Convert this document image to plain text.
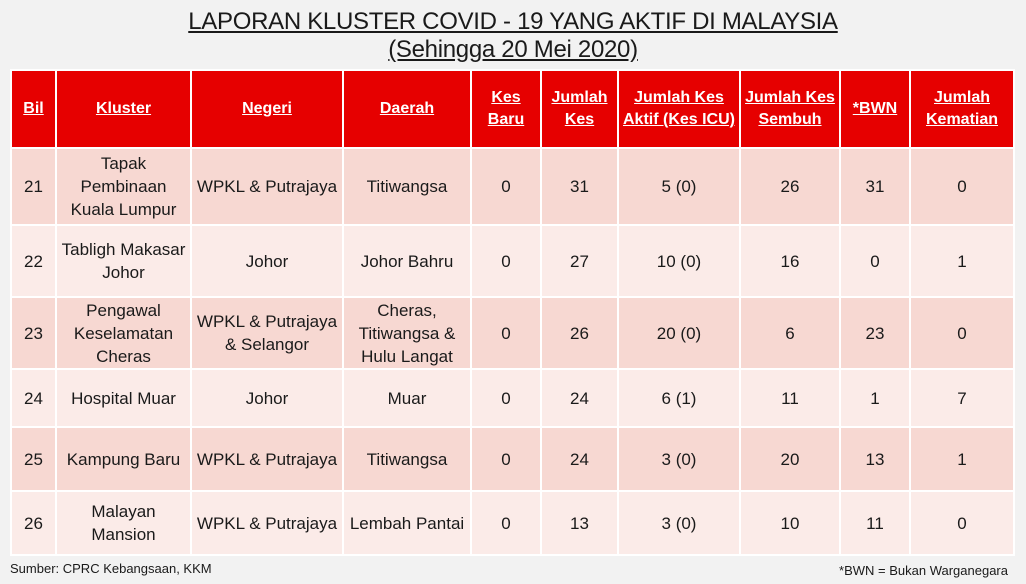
LAPORAN KLUSTER COVID - 19 YANG AKTIF DI MALAYSIA
(Sehingga 20 Mei 2020)
Bil	Kluster	Negeri	Daerah	Kes Baru	Jumlah Kes	Jumlah Kes Aktif (Kes ICU)	Jumlah Kes Sembuh	*BWN	Jumlah Kematian
21	Tapak Pembinaan Kuala Lumpur	WPKL & Putrajaya	Titiwangsa	0	31	5 (0)	26	31	0
22	Tabligh Makasar Johor	Johor	Johor Bahru	0	27	10 (0)	16	0	1
23	Pengawal Keselamatan Cheras	WPKL & Putrajaya & Selangor	Cheras, Titiwangsa & Hulu Langat	0	26	20 (0)	6	23	0
24	Hospital Muar	Johor	Muar	0	24	6 (1)	11	1	7
25	Kampung Baru	WPKL & Putrajaya	Titiwangsa	0	24	3 (0)	20	13	1
26	Malayan Mansion	WPKL & Putrajaya	Lembah Pantai	0	13	3 (0)	10	11	0
Sumber: CPRC Kebangsaan, KKM	*BWN = Bukan Warganegara
